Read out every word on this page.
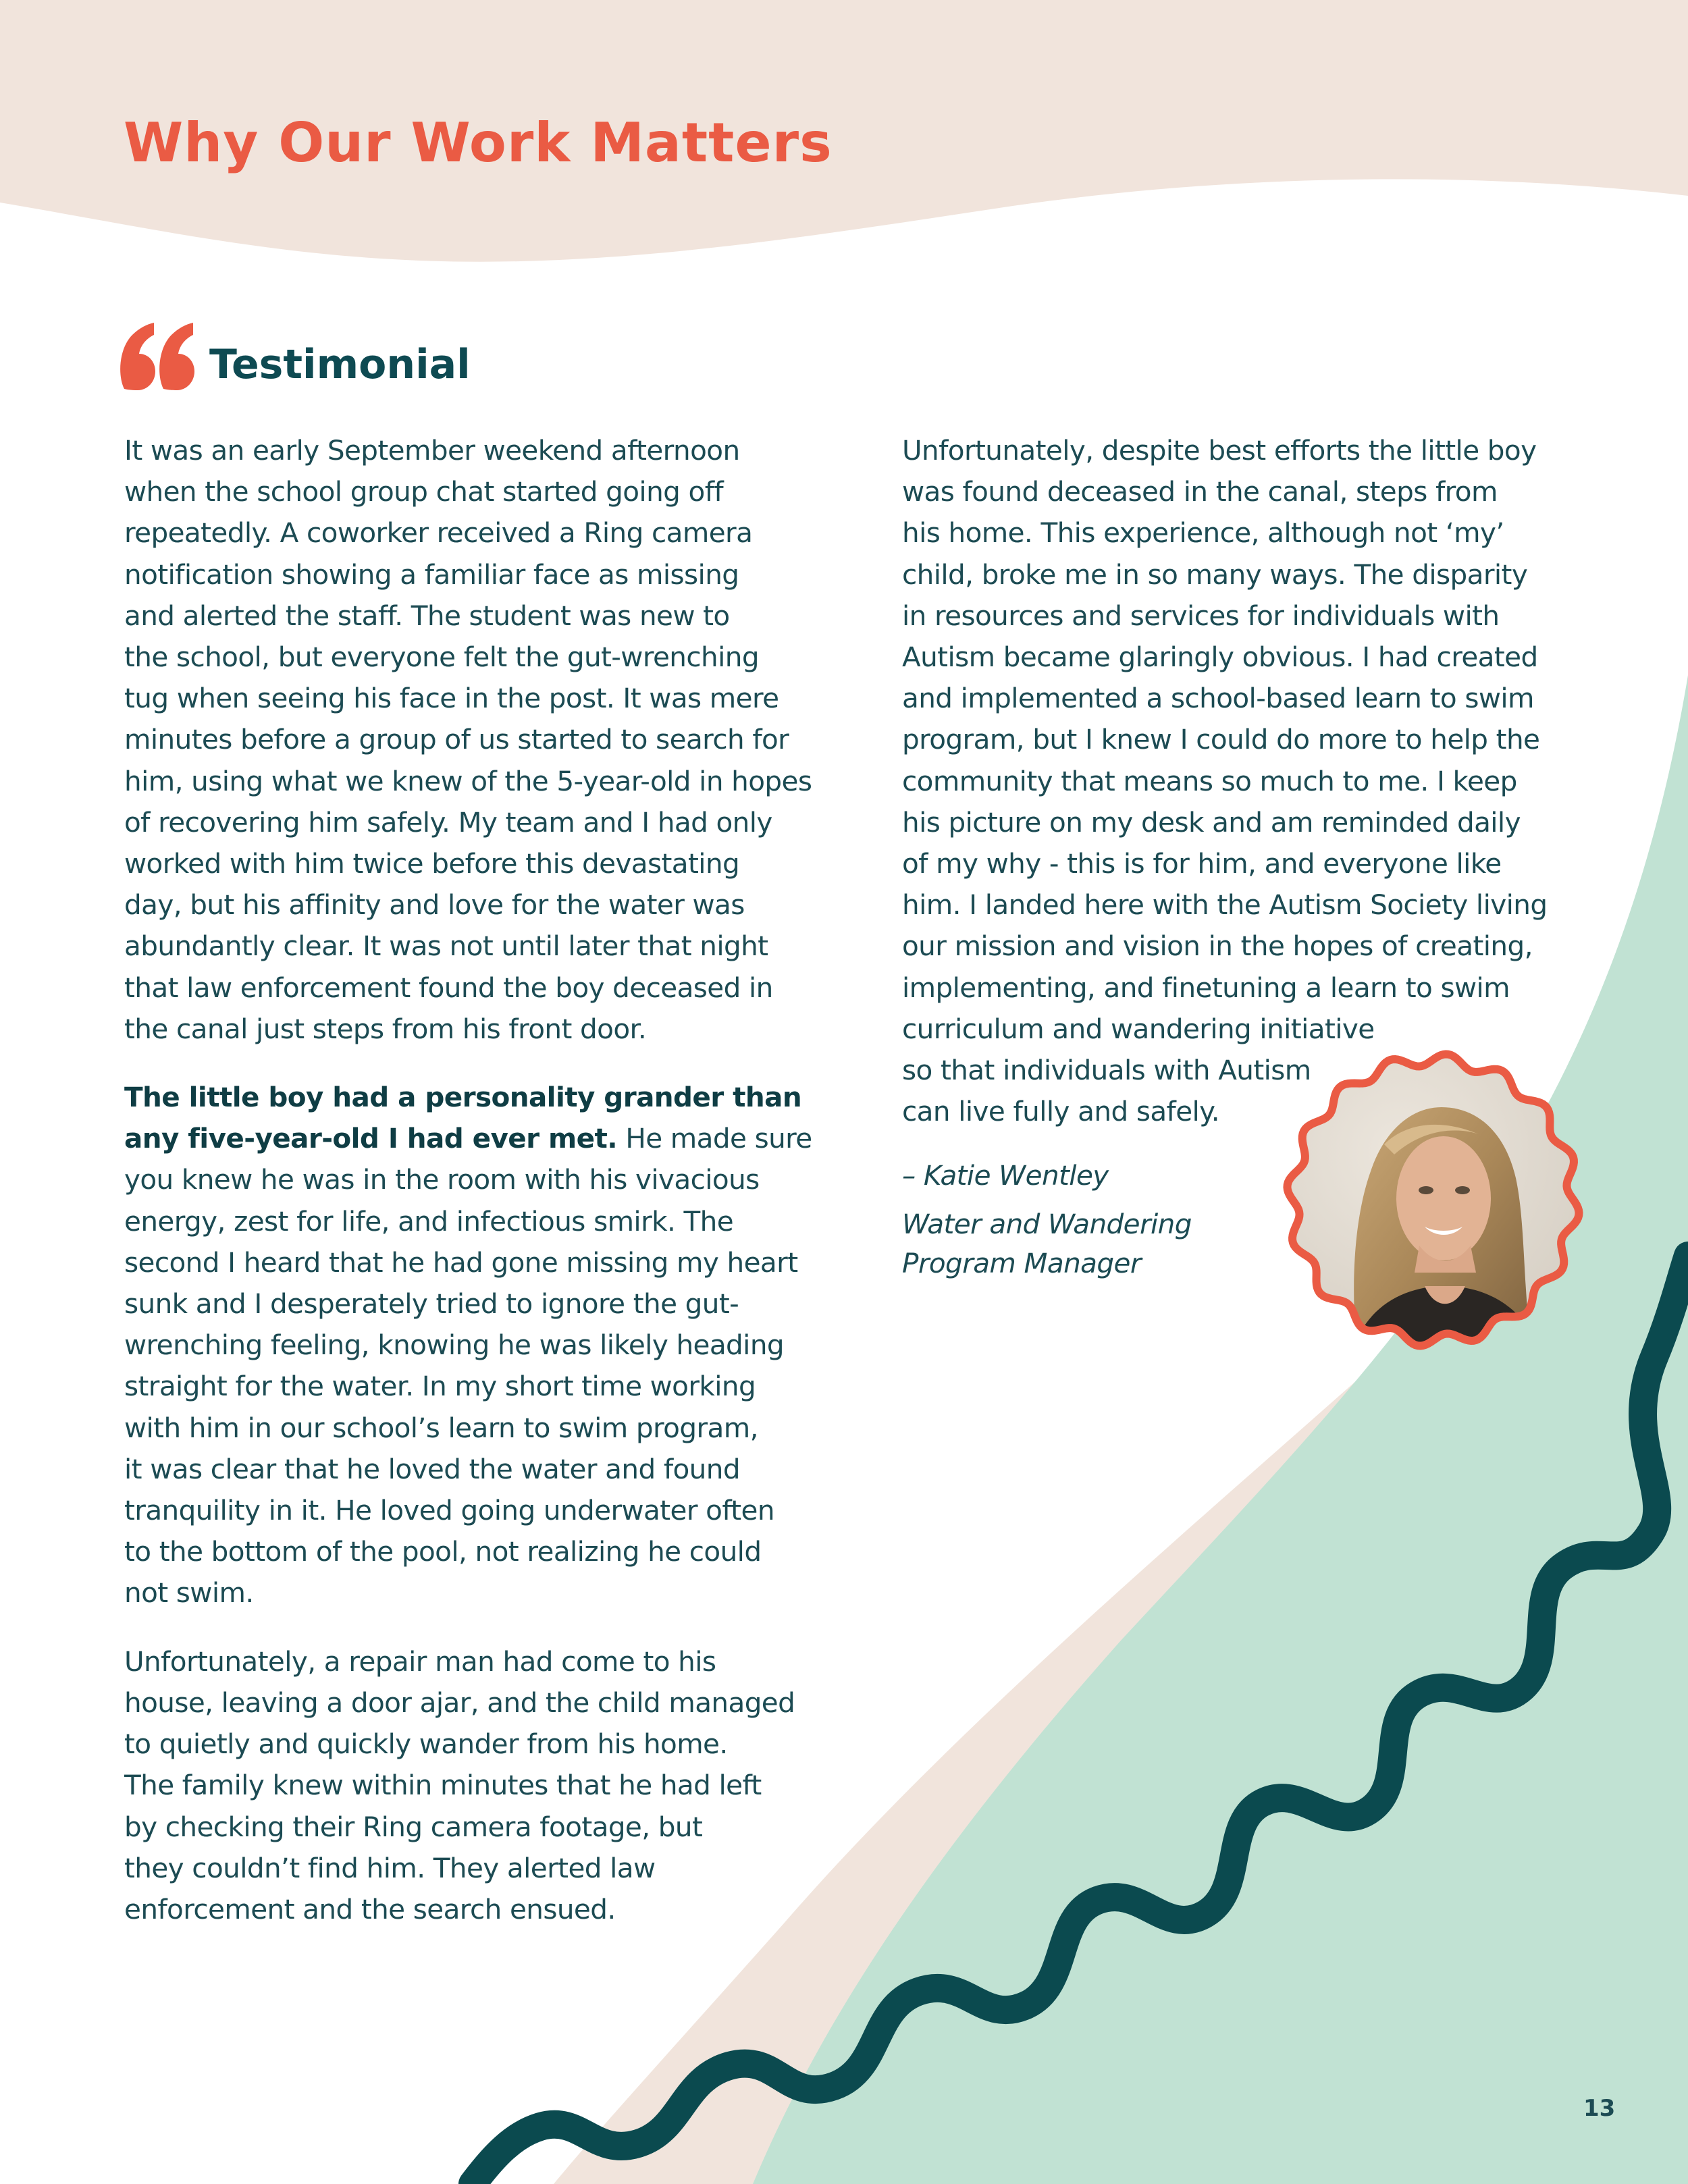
Why Our Work Matters
Testimonial

It was an early September weekend afternoon
when the school group chat started going off
repeatedly. A coworker received a Ring camera
notification showing a familiar face as missing
and alerted the staff. The student was new to
the school, but everyone felt the gut-wrenching
tug when seeing his face in the post. It was mere
minutes before a group of us started to search for
him, using what we knew of the 5-year-old in hopes
of recovering him safely. My team and I had only
worked with him twice before this devastating
day, but his affinity and love for the water was
abundantly clear. It was not until later that night
that law enforcement found the boy deceased in
the canal just steps from his front door.

The little boy had a personality grander than
any five-year-old I had ever met. He made sure
you knew he was in the room with his vivacious
energy, zest for life, and infectious smirk. The
second I heard that he had gone missing my heart
sunk and I desperately tried to ignore the gut-
wrenching feeling, knowing he was likely heading
straight for the water. In my short time working
with him in our school’s learn to swim program,
it was clear that he loved the water and found
tranquility in it. He loved going underwater often
to the bottom of the pool, not realizing he could
not swim.

Unfortunately, a repair man had come to his
house, leaving a door ajar, and the child managed
to quietly and quickly wander from his home.
The family knew within minutes that he had left
by checking their Ring camera footage, but
they couldn’t find him. They alerted law
enforcement and the search ensued.

Unfortunately, despite best efforts the little boy
was found deceased in the canal, steps from
his home. This experience, although not ‘my’
child, broke me in so many ways. The disparity
in resources and services for individuals with
Autism became glaringly obvious. I had created
and implemented a school-based learn to swim
program, but I knew I could do more to help the
community that means so much to me. I keep
his picture on my desk and am reminded daily
of my why - this is for him, and everyone like
him. I landed here with the Autism Society living
our mission and vision in the hopes of creating,
implementing, and finetuning a learn to swim
curriculum and wandering initiative
so that individuals with Autism
can live fully and safely.

– Katie Wentley
Water and Wandering
Program Manager

13
